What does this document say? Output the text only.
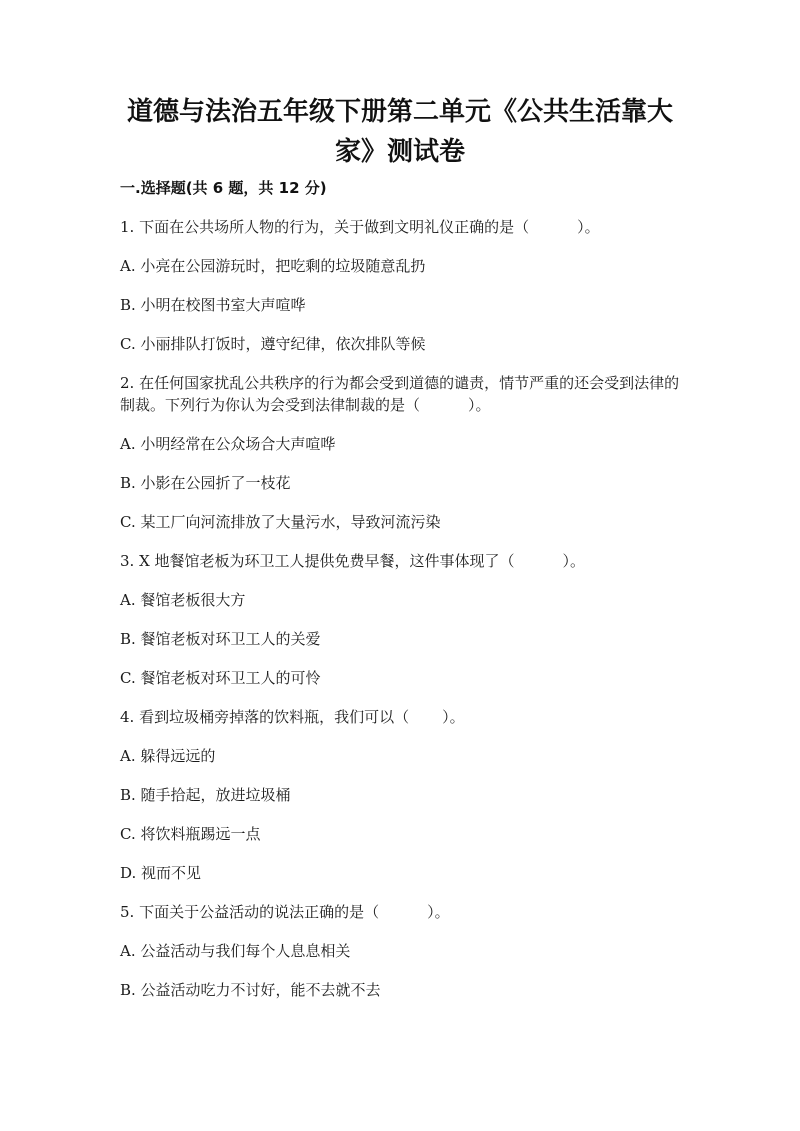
道德与法治五年级下册第二单元《公共生活靠大
家》测试卷
一.选择题(共 6 题，共 12 分)

1. 下面在公共场所人物的行为，关于做到文明礼仪正确的是（	）。

A. 小亮在公园游玩时，把吃剩的垃圾随意乱扔

B. 小明在校图书室大声喧哗

C. 小丽排队打饭时，遵守纪律，依次排队等候

2. 在任何国家扰乱公共秩序的行为都会受到道德的谴责，情节严重的还会受到法律的制裁。下列行为你认为会受到法律制裁的是（	）。

A. 小明经常在公众场合大声喧哗

B. 小影在公园折了一枝花

C. 某工厂向河流排放了大量污水，导致河流污染

3. X 地餐馆老板为环卫工人提供免费早餐，这件事体现了（	）。

A. 餐馆老板很大方

B. 餐馆老板对环卫工人的关爱

C. 餐馆老板对环卫工人的可怜

4. 看到垃圾桶旁掉落的饮料瓶，我们可以（ ）。

A. 躲得远远的

B. 随手拾起，放进垃圾桶

C. 将饮料瓶踢远一点

D. 视而不见

5. 下面关于公益活动的说法正确的是（	）。

A. 公益活动与我们每个人息息相关

B. 公益活动吃力不讨好，能不去就不去
